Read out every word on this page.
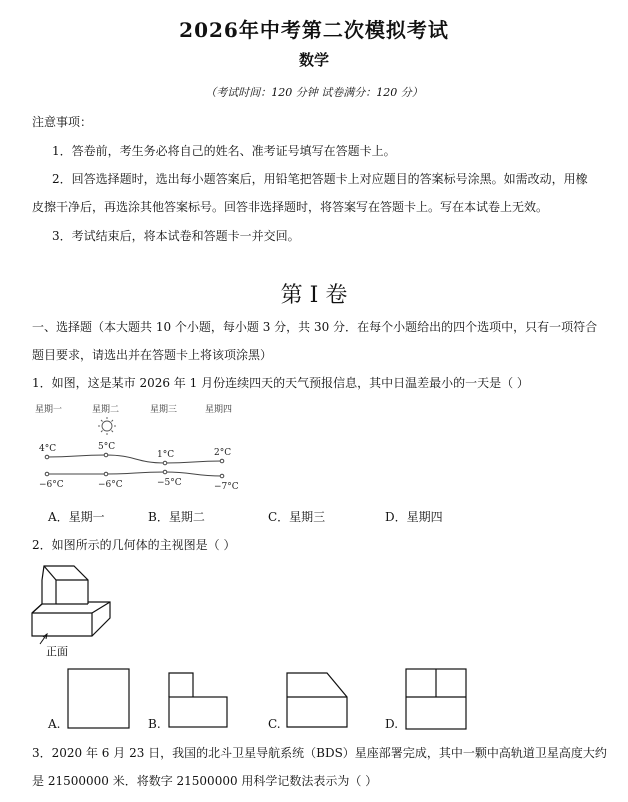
2026年中考第二次模拟考试
数学
（考试时间：120 分钟 试卷满分：120 分）
注意事项：
1．答卷前，考生务必将自己的姓名、准考证号填写在答题卡上。
2．回答选择题时，选出每小题答案后，用铅笔把答题卡上对应题目的答案标号涂黑。如需改动，用橡
皮擦干净后，再选涂其他答案标号。回答非选择题时，将答案写在答题卡上。写在本试卷上无效。
3．考试结束后，将本试卷和答题卡一并交回。
第 I 卷
一、选择题（本大题共 10 个小题，每小题 3 分，共 30 分．在每个小题给出的四个选项中，只有一项符合
题目要求，请选出并在答题卡上将该项涂黑）
1．如图，这是某市 2026 年 1 月份连续四天的天气预报信息，其中日温差最小的一天是（ ）
星期一	星期二	星期三	星期四
4°C	5°C
1°C	2°C
−6°C	−6°C	−5°C	−7°C
A．星期一	B．星期二	C．星期三	D．星期四
2．如图所示的几何体的主视图是（ ）
正面
A.	B.	C.	D.
3．2020 年 6 月 23 日，我国的北斗卫星导航系统（BDS）星座部署完成，其中一颗中高轨道卫星高度大约
是 21500000 米．将数字 21500000 用科学记数法表示为（ ）
